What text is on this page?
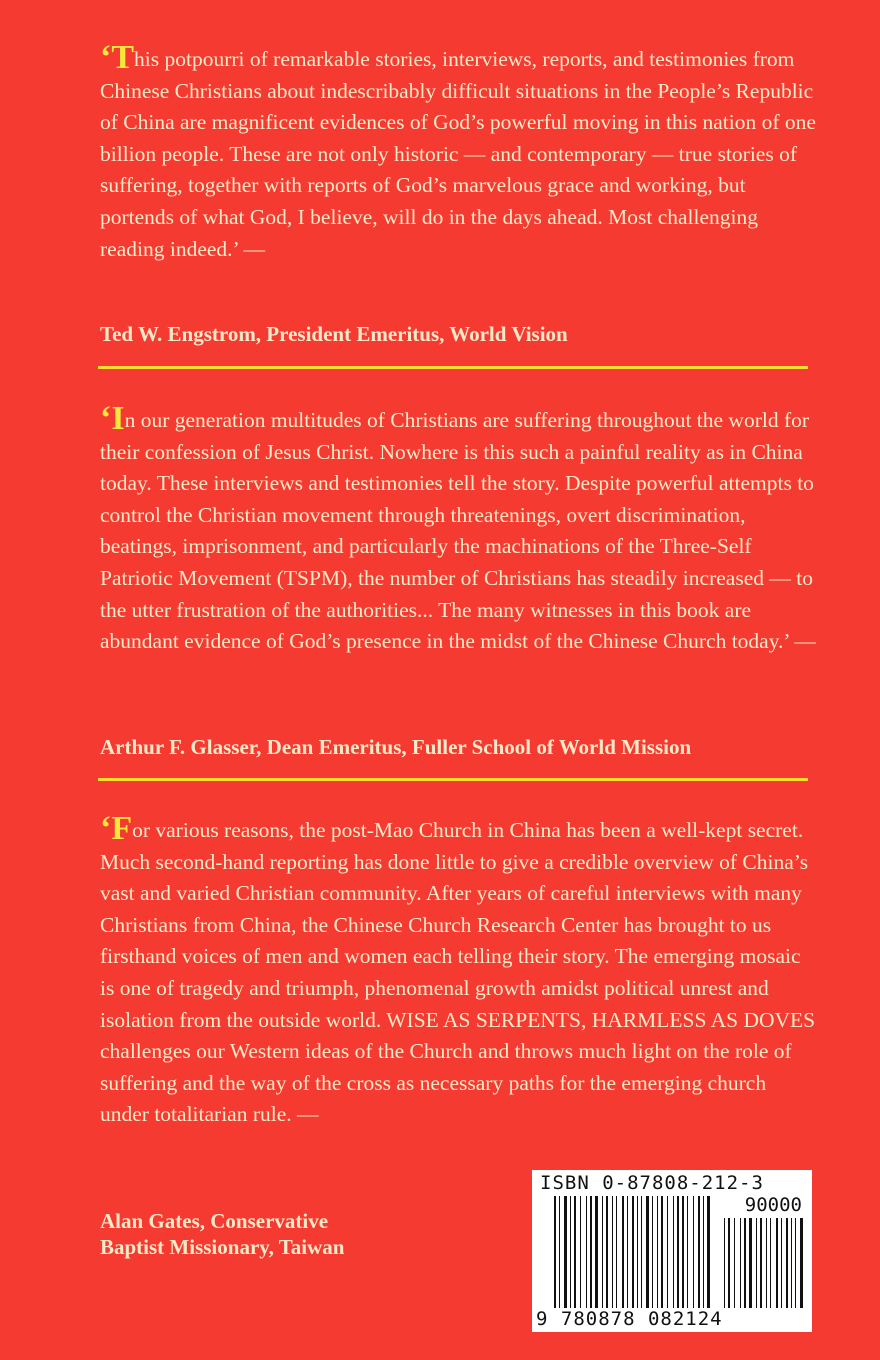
‘This potpourri of remarkable stories, interviews, reports, and testimonies from Chinese Christians about indescribably difficult situations in the People’s Republic of China are magnificent evidences of God’s powerful moving in this nation of one billion people. These are not only historic — and contemporary — true stories of suffering, together with reports of God’s marvelous grace and working, but portends of what God, I believe, will do in the days ahead. Most challenging reading indeed.’ —

Ted W. Engstrom, President Emeritus, World Vision

‘In our generation multitudes of Christians are suffering throughout the world for their confession of Jesus Christ. Nowhere is this such a painful reality as in China today. These interviews and testimonies tell the story. Despite powerful attempts to control the Christian movement through threatenings, overt discrimination, beatings, imprisonment, and particularly the machinations of the Three-Self Patriotic Movement (TSPM), the number of Christians has steadily increased — to the utter frustration of the authorities... The many witnesses in this book are abundant evidence of God’s presence in the midst of the Chinese Church today.’ —

Arthur F. Glasser, Dean Emeritus, Fuller School of World Mission

‘For various reasons, the post-Mao Church in China has been a well-kept secret. Much second-hand reporting has done little to give a credible overview of China’s vast and varied Christian community. After years of careful interviews with many Christians from China, the Chinese Church Research Center has brought to us firsthand voices of men and women each telling their story. The emerging mosaic is one of tragedy and triumph, phenomenal growth amidst political unrest and isolation from the outside world. WISE AS SERPENTS, HARMLESS AS DOVES challenges our Western ideas of the Church and throws much light on the role of suffering and the way of the cross as necessary paths for the emerging church under totalitarian rule. —

Alan Gates, Conservative
Baptist Missionary, Taiwan

ISBN 0-87808-212-3
90000
9 780878 082124
